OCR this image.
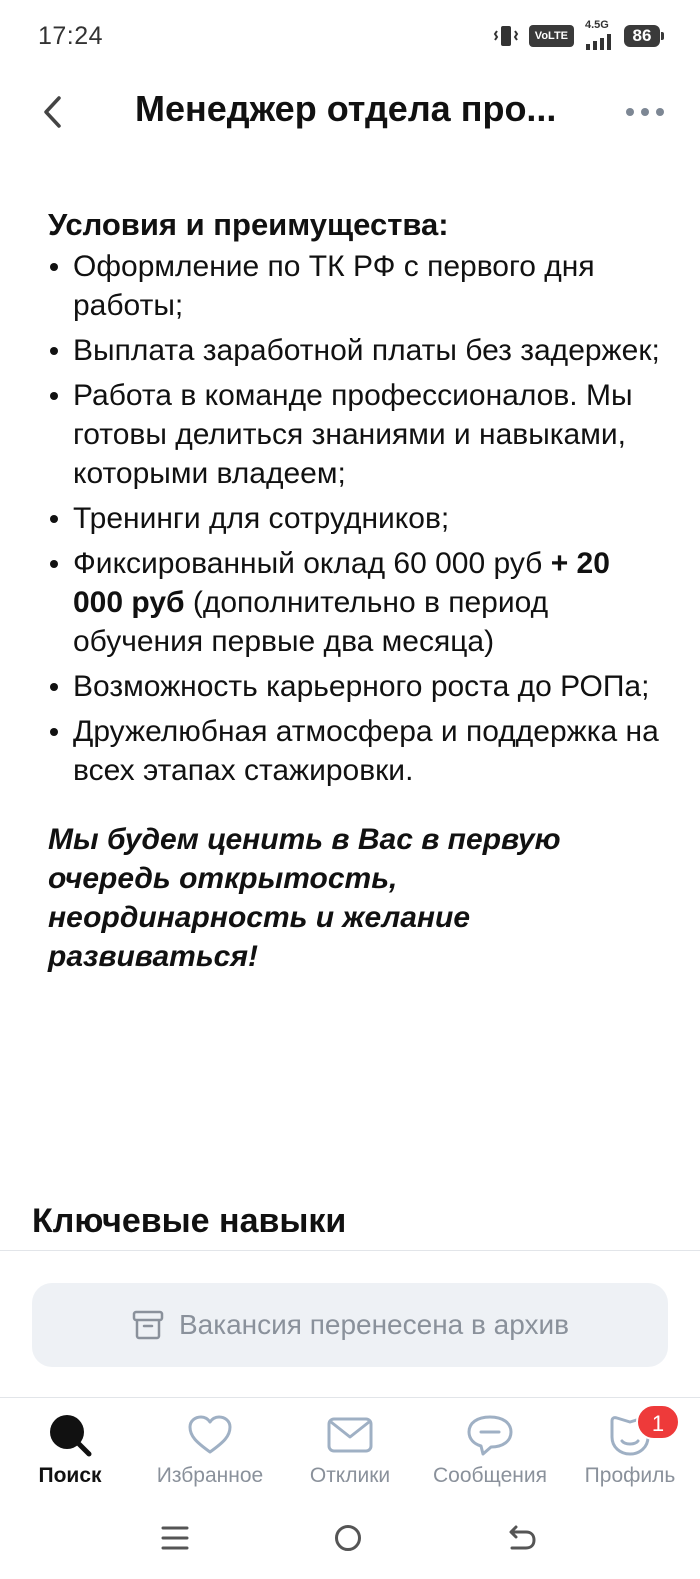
17:24	VoLTE
4.5G
86
Менеджер отдела про...
Условия и преимущества:
Оформление по ТК РФ с первого дня работы;
Выплата заработной платы без задержек;
Работа в команде профессионалов. Мы готовы делиться знаниями и навыками, которыми владеем;
Тренинги для сотрудников;
Фиксированный оклад 60 000 руб + 20 000 руб (дополнительно в период обучения первые два месяца)
Возможность карьерного роста до РОПа;
Дружелюбная атмосфера и поддержка на всех этапах стажировки.
Мы будем ценить в Вас в первую очередь открытость, неординарность и желание развиваться!
Ключевые навыки
Вакансия перенесена в архив
Поиск	Избранное Отклики Сообщения
1
Профиль
